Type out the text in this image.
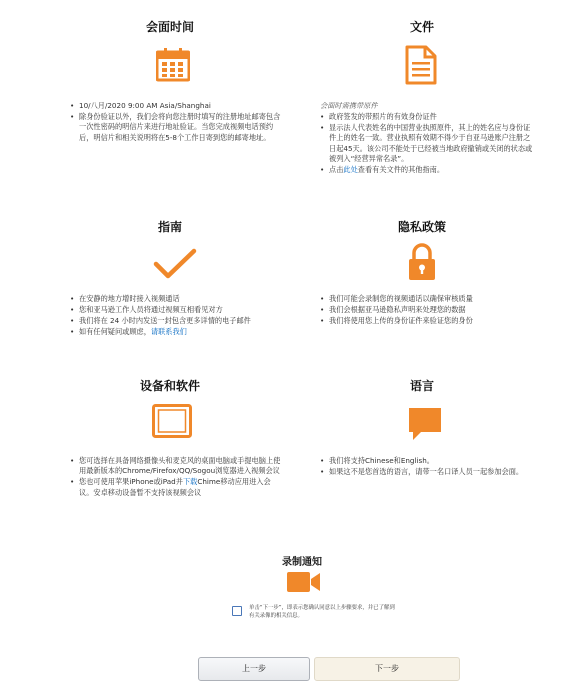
会面时间
• 10/八月/2020 9:00 AM Asia/Shanghai
• 除身份验证以外，我们会将向您注册时填写的注册地址邮寄包含一次性密码的明信片来进行地址验证。当您完成视频电话预约后，明信片和相关说明将在5-8个工作日寄到您的邮寄地址。
文件
会面时需携带原件
• 政府签发的带照片的有效身份证件
• 显示法人代表姓名的中国营业执照原件，其上的姓名应与身份证件上的姓名一致。营业执照有效期不得少于自亚马逊账户注册之日起45天。该公司不能处于已经被当地政府撤销或关闭的状态或被列入“经营异常名录”。
• 点击此处查看有关文件的其他指南。
指南
• 在安静的地方增时接入视频通话
• 您和亚马逊工作人员将通过视频互相看见对方
• 我们将在 24 小时内发送一封包含更多详情的电子邮件
• 如有任何疑问或顾虑，请联系我们
隐私政策
• 我们可能会录制您的视频通话以确保审核质量
• 我们会根据亚马逊隐私声明来处理您的数据
• 我们将使用您上传的身份证件来验证您的身份
设备和软件
• 您可选择在具备网络摄像头和麦克风的桌面电脑或手提电脑上使用最新版本的Chrome/Firefox/QQ/Sogou浏览器进入视频会议
• 您也可使用苹果iPhone或iPad并下载Chime移动应用进入会议。安卓移动设备暂不支持该视频会议
语言
• 我们将支持Chinese和English。
• 如果这不是您首选的语言，请带一名口译人员一起参加会面。
录制通知
单击“下一步”，即表示您确认同意以上步骤要求，并已了解到有关录像的相关信息。
上一步	下一步
